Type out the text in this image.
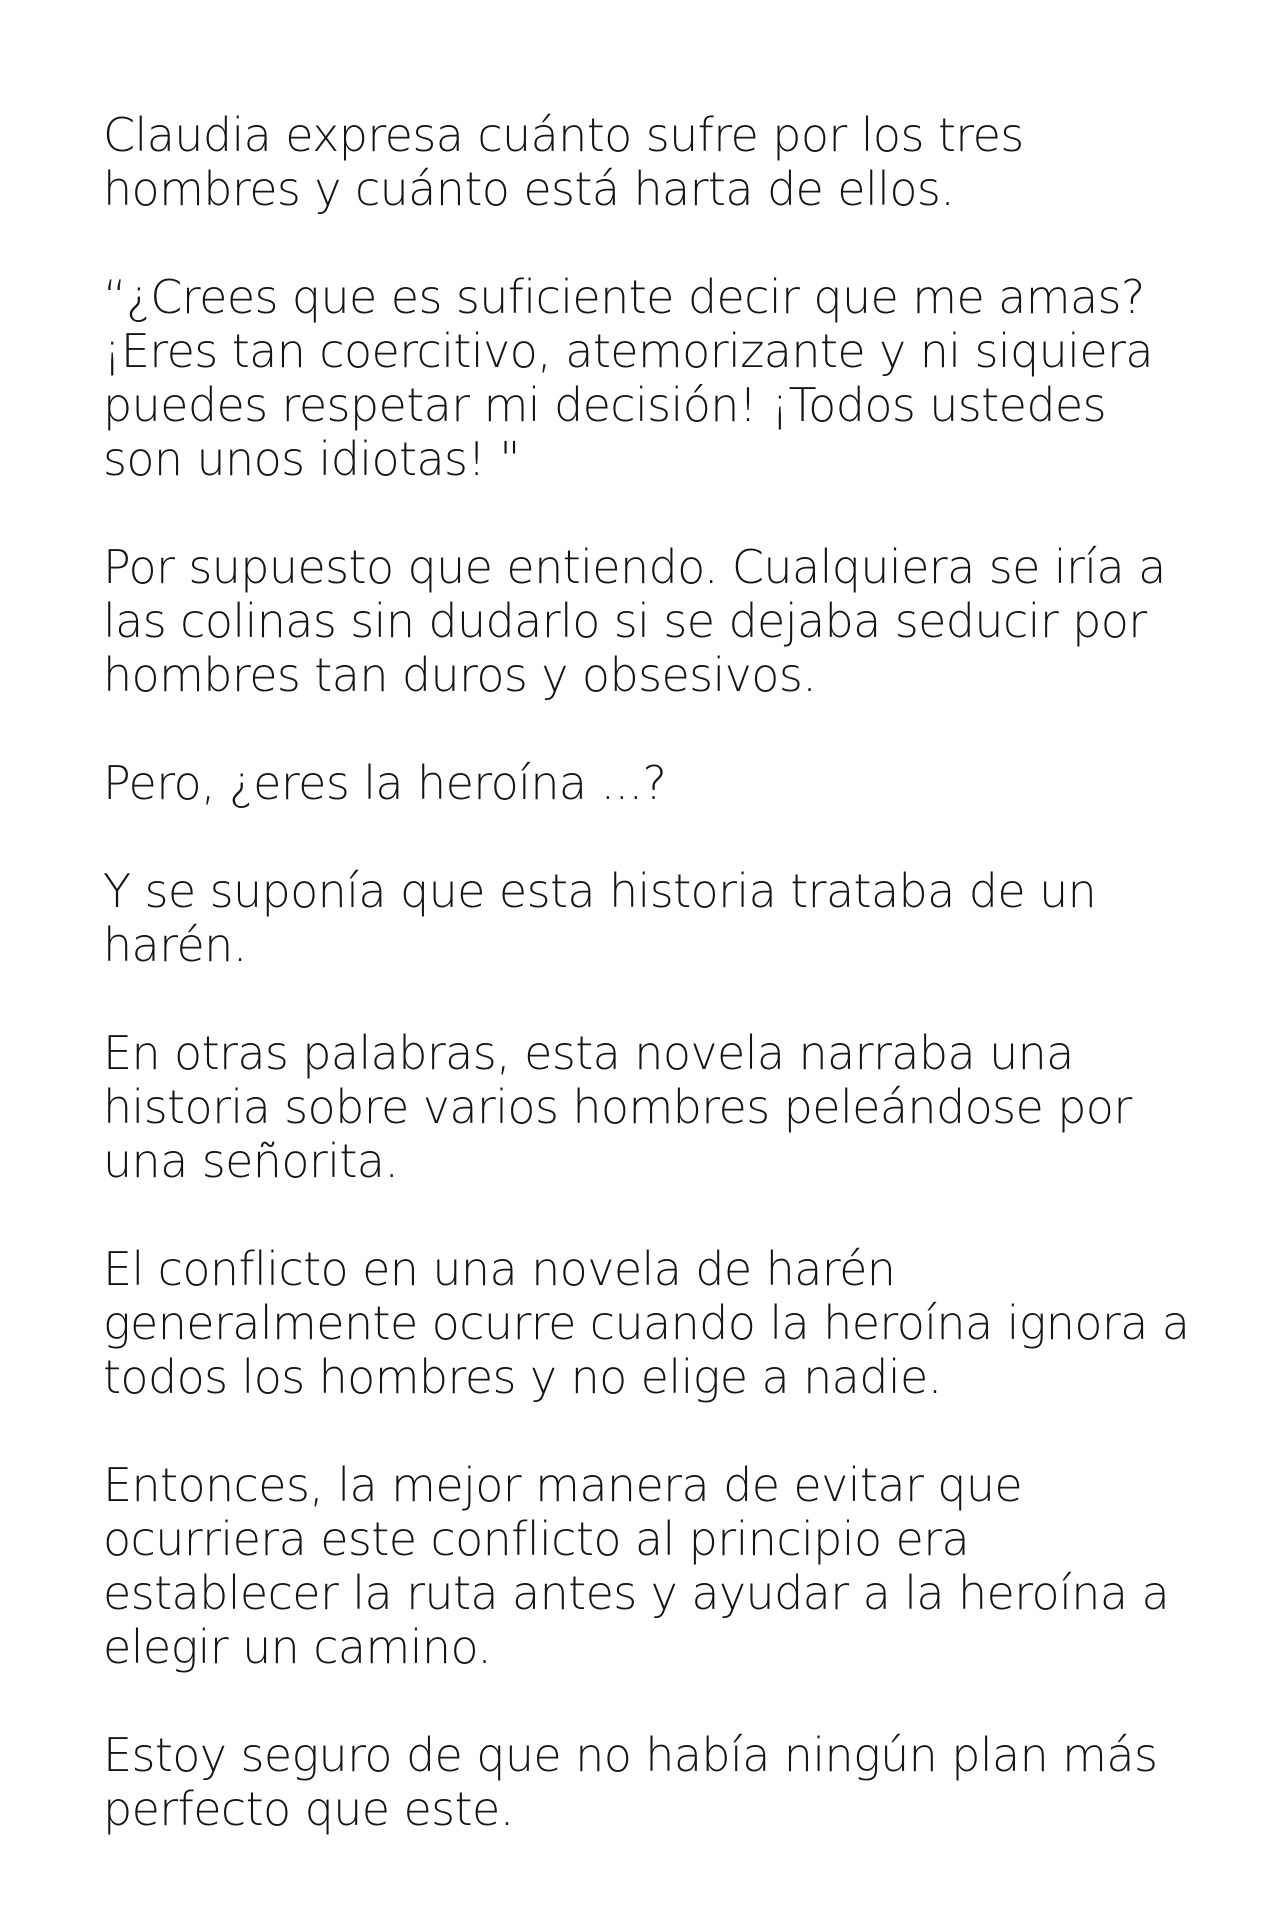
Claudia expresa cuánto sufre por los tres hombres y cuánto está harta de ellos.

“¿Crees que es suficiente decir que me amas? ¡Eres tan coercitivo, atemorizante y ni siquiera puedes respetar mi decisión! ¡Todos ustedes son unos idiotas! "

Por supuesto que entiendo. Cualquiera se iría a las colinas sin dudarlo si se dejaba seducir por hombres tan duros y obsesivos.

Pero, ¿eres la heroína ...?

Y se suponía que esta historia trataba de un harén.

En otras palabras, esta novela narraba una historia sobre varios hombres peleándose por una señorita.

El conflicto en una novela de harén generalmente ocurre cuando la heroína ignora a todos los hombres y no elige a nadie.

Entonces, la mejor manera de evitar que ocurriera este conflicto al principio era establecer la ruta antes y ayudar a la heroína a elegir un camino.

Estoy seguro de que no había ningún plan más perfecto que este.
